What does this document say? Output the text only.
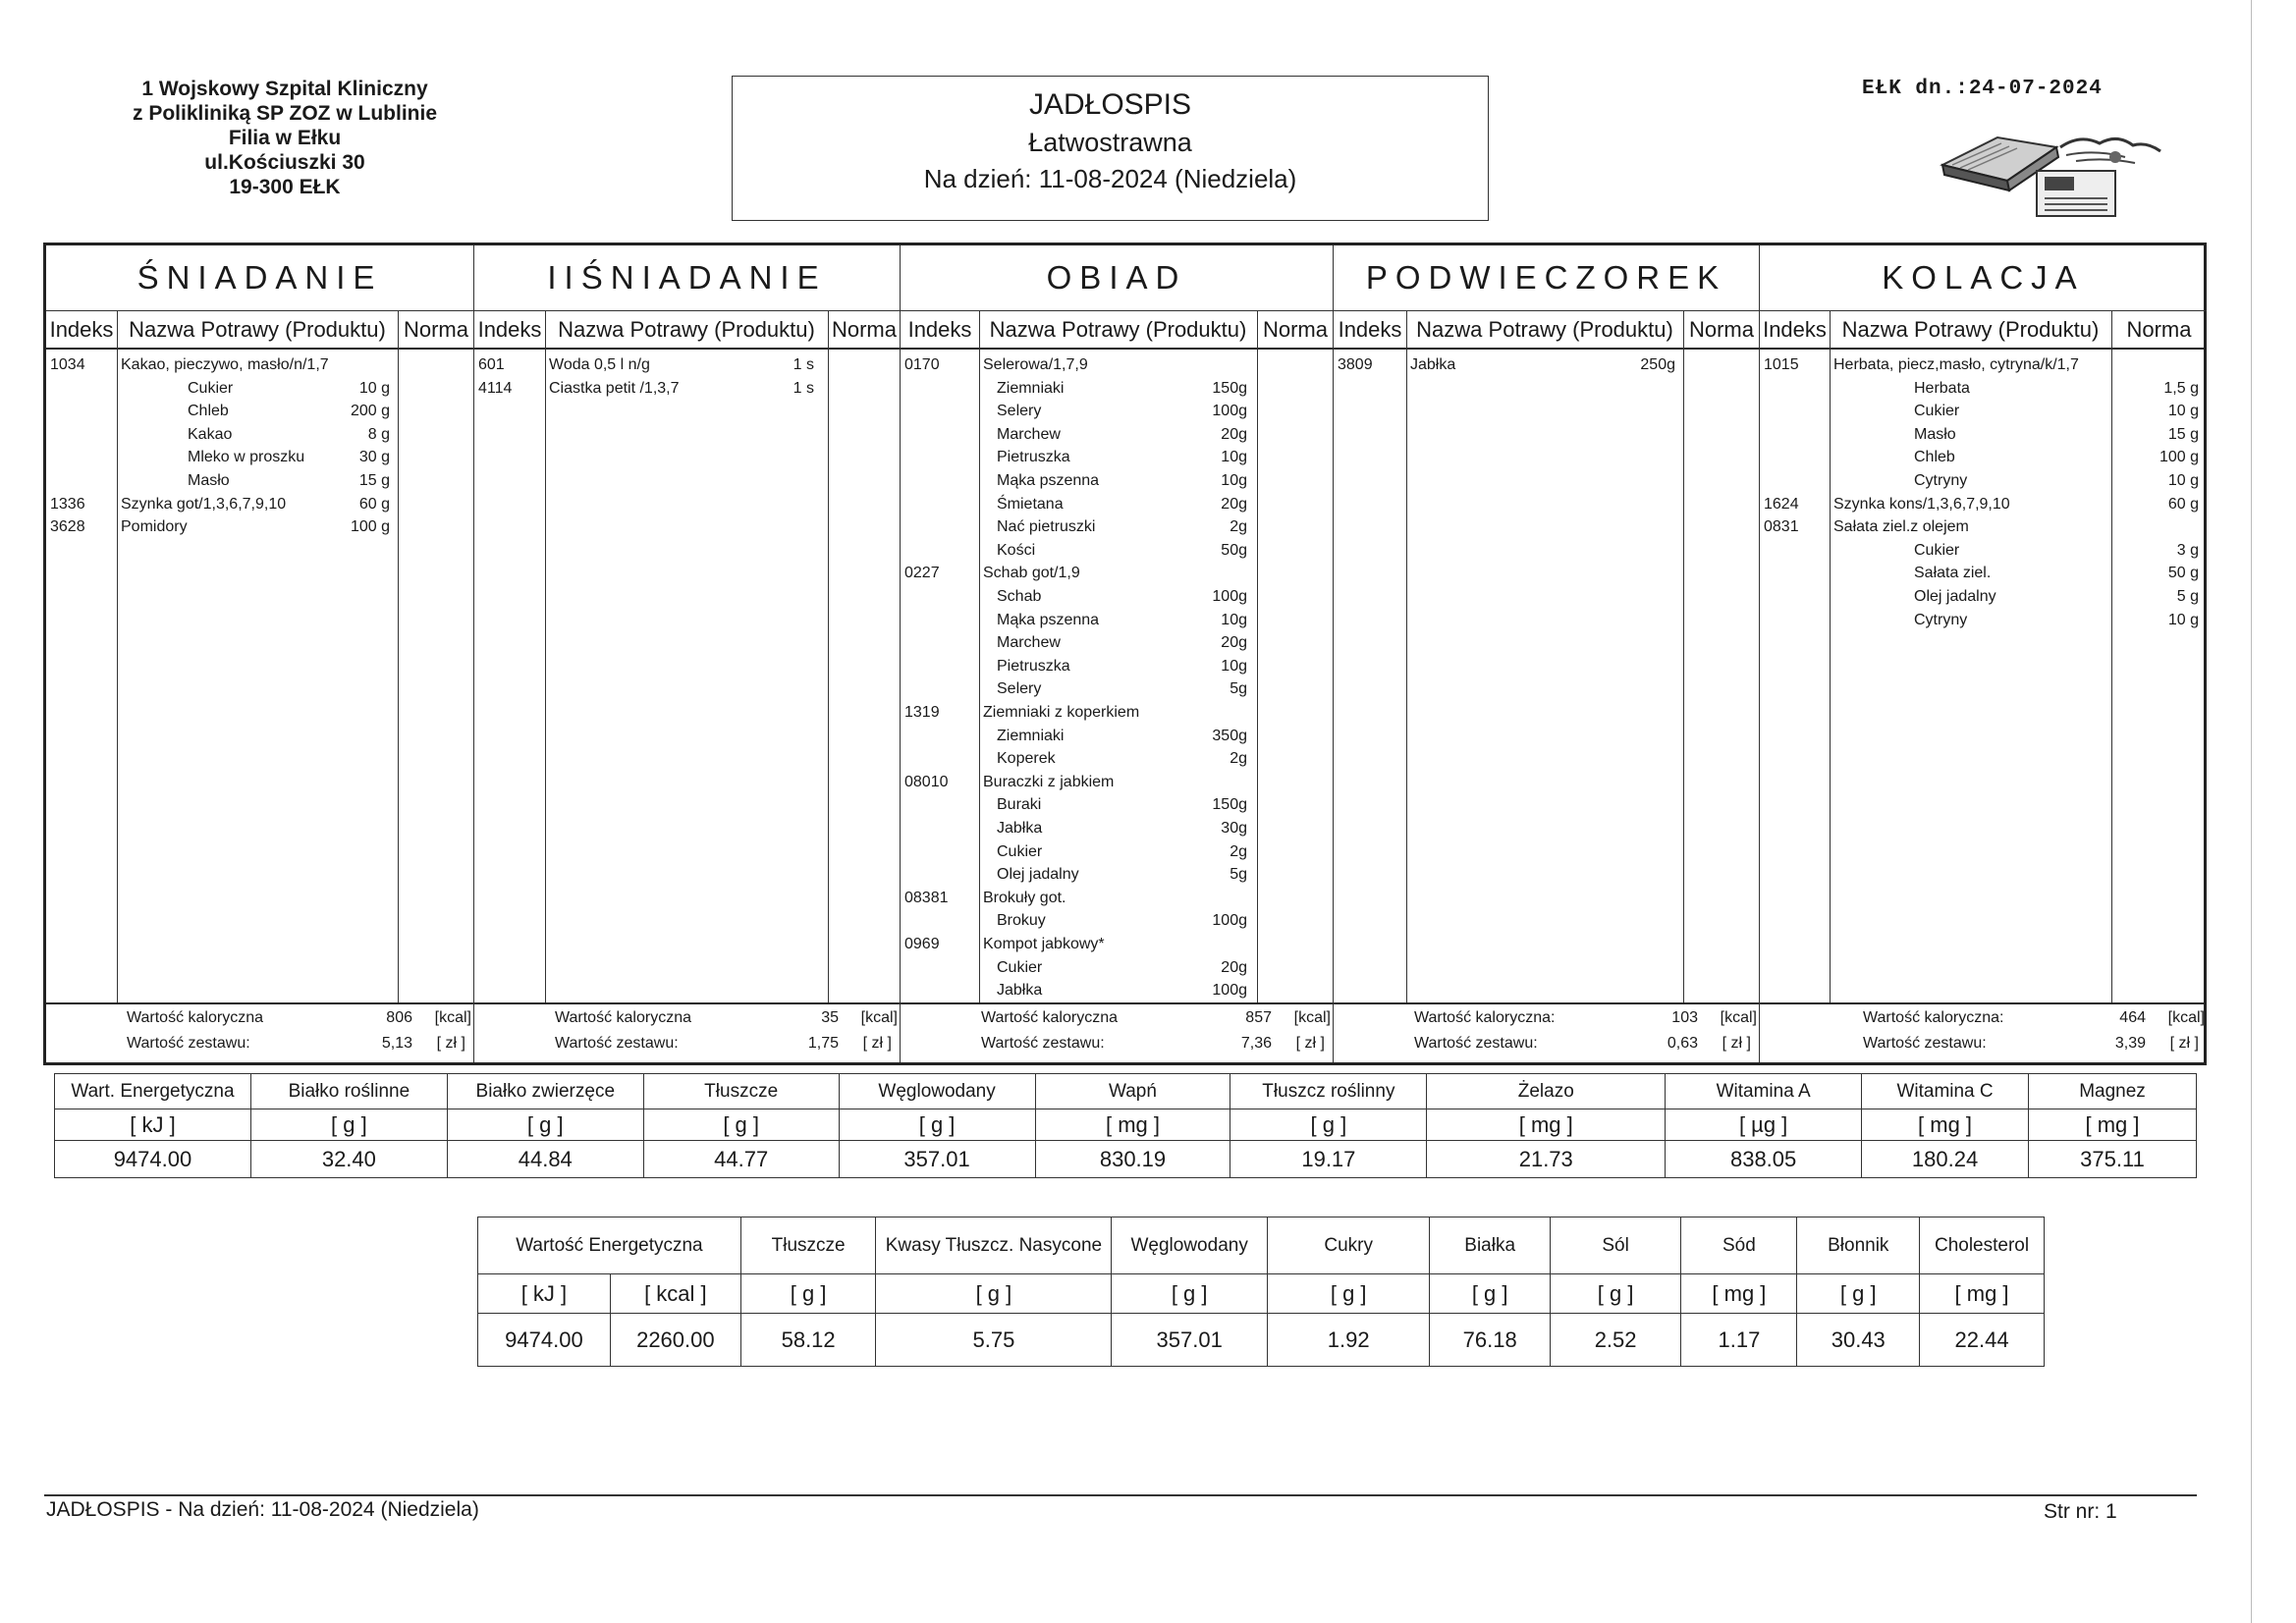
1 Wojskowy Szpital Kliniczny
z Polikliniką SP ZOZ w Lublinie
Filia w Ełku
ul.Kościuszki 30
19-300 EŁK
JADŁOSPIS
Łatwostrawna
Na dzień: 11-08-2024 (Niedziela)
EŁK dn.:24-07-2024
ŚNIADANIE
Indeks Nazwa Potrawy (Produktu) Norma
1034 Kakao, pieczywo, masło/n/1,7
Cukier	10 g
Chleb	200 g
Kakao	8 g
Mleko w proszku	30 g
Masło	15 g
1336 Szynka got/1,3,6,7,9,10	60 g
3628 Pomidory	100 g
Wartość kaloryczna	806 [kcal]
Wartość zestawu:	5,13 [ zł ]
IIŚNIADANIE
Indeks Nazwa Potrawy (Produktu) Norma
601	Woda 0,5 l n/g	1 s
4114 Ciastka petit /1,3,7	1 s
Wartość kaloryczna	35 [kcal]
Wartość zestawu:	1,75 [ zł ]
OBIAD
Indeks Nazwa Potrawy (Produktu) Norma
0170	Selerowa/1,7,9
Ziemniaki	150g
Selery	100g
Marchew	20g
Pietruszka	10g
Mąka pszenna	10g
Śmietana	20g
Nać pietruszki	2g
Kości	50g
0227	Schab got/1,9
Schab	100g
Mąka pszenna	10g
Marchew	20g
Pietruszka	10g
Selery	5g
1319	Ziemniaki z koperkiem
Ziemniaki	350g
Koperek	2g
08010 Buraczki z jabkiem
Buraki	150g
Jabłka	30g
Cukier	2g
Olej jadalny	5g
08381 Brokuły got.
Brokuy	100g
0969	Kompot jabkowy*
Cukier	20g
Jabłka	100g
Wartość kaloryczna	857 [kcal]
Wartość zestawu:	7,36 [ zł ]
PODWIECZOREK
Indeks Nazwa Potrawy (Produktu) Norma
3809 Jabłka	250g
Wartość kaloryczna:	103 [kcal]
Wartość zestawu:	0,63 [ zł ]
KOLACJA
Indeks Nazwa Potrawy (Produktu)	Norma
1015 Herbata, piecz,masło, cytryna/k/1,7
Herbata	1,5 g
Cukier	10 g
Masło	15 g
Chleb	100 g
Cytryny	10 g
1624 Szynka kons/1,3,6,7,9,10	60 g
0831 Sałata ziel.z olejem
Cukier	3 g
Sałata ziel.	50 g
Olej jadalny	5 g
Cytryny	10 g
Wartość kaloryczna:	464 [kcal]
Wartość zestawu:	3,39 [ zł ]
Wart. Energetyczna	Białko roślinne	Białko zwierzęce	Tłuszcze	Węglowodany	Wapń	Tłuszcz roślinny	Żelazo	Witamina A	Witamina C	Magnez
[ kJ ]	[ g ]	[ g ]	[ g ]	[ g ]	[ mg ]	[ g ]	[ mg ]	[ µg ]	[ mg ]	[ mg ]
9474.00	32.40	44.84	44.77	357.01	830.19	19.17	21.73	838.05	180.24	375.11
Wartość Energetyczna		Tłuszcze	Kwasy Tłuszcz. Nasycone	Węglowodany	Cukry	Białka	Sól	Sód	Błonnik	Cholesterol
[ kJ ]	[ kcal ]	[ g ]	[ g ]	[ g ]	[ g ]	[ g ]	[ g ]	[ mg ]	[ g ]	[ mg ]
9474.00	2260.00	58.12	5.75	357.01	1.92	76.18	2.52	1.17	30.43	22.44
JADŁOSPIS - Na dzień: 11-08-2024 (Niedziela)	Str nr: 1
